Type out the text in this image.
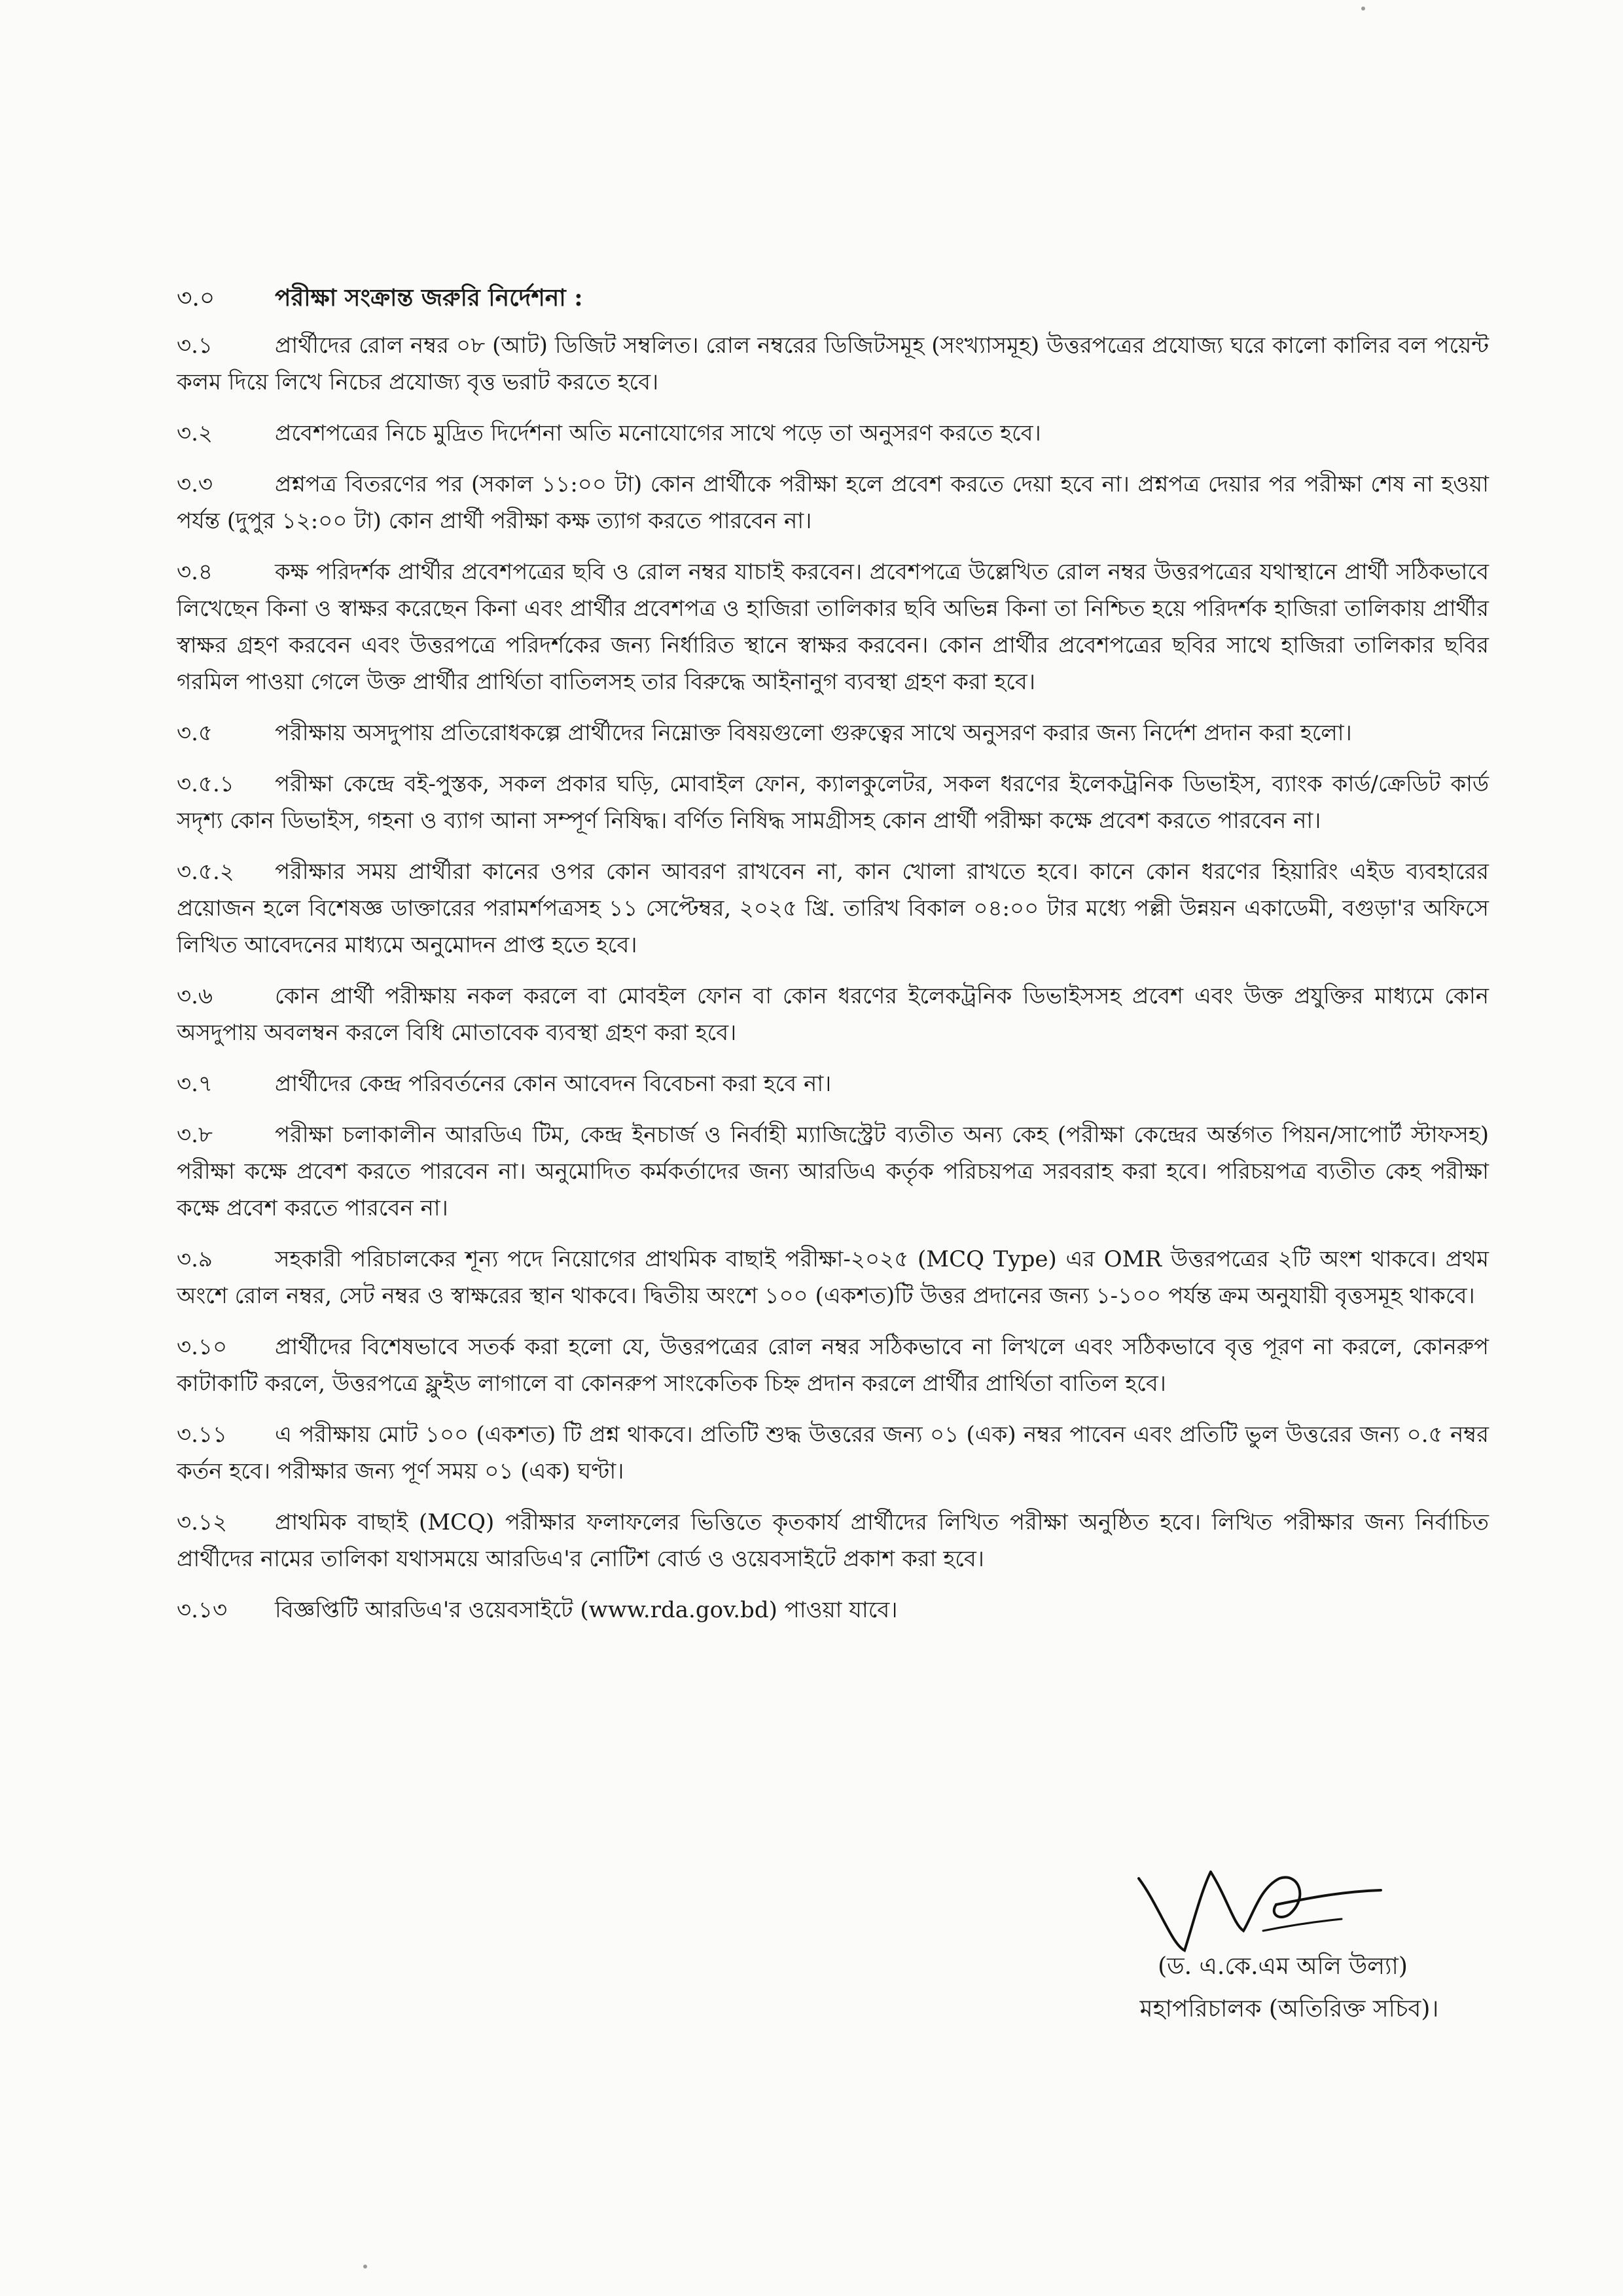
৩.০	পরীক্ষা সংক্রান্ত জরুরি নির্দেশনা :

৩.১	প্রার্থীদের রোল নম্বর ০৮ (আট) ডিজিট সম্বলিত। রোল নম্বরের ডিজিটসমূহ (সংখ্যাসমূহ) উত্তরপত্রের প্রযোজ্য ঘরে কালো কালির বল পয়েন্ট কলম দিয়ে লিখে নিচের প্রযোজ্য বৃত্ত ভরাট করতে হবে।

৩.২	প্রবেশপত্রের নিচে মুদ্রিত দির্দেশনা অতি মনোযোগের সাথে পড়ে তা অনুসরণ করতে হবে।

৩.৩	প্রশ্নপত্র বিতরণের পর (সকাল ১১:০০ টা) কোন প্রার্থীকে পরীক্ষা হলে প্রবেশ করতে দেয়া হবে না। প্রশ্নপত্র দেয়ার পর পরীক্ষা শেষ না হওয়া পর্যন্ত (দুপুর ১২:০০ টা) কোন প্রার্থী পরীক্ষা কক্ষ ত্যাগ করতে পারবেন না।

৩.৪	কক্ষ পরিদর্শক প্রার্থীর প্রবেশপত্রের ছবি ও রোল নম্বর যাচাই করবেন। প্রবেশপত্রে উল্লেখিত রোল নম্বর উত্তরপত্রের যথাস্থানে প্রার্থী সঠিকভাবে লিখেছেন কিনা ও স্বাক্ষর করেছেন কিনা এবং প্রার্থীর প্রবেশপত্র ও হাজিরা তালিকার ছবি অভিন্ন কিনা তা নিশ্চিত হয়ে পরিদর্শক হাজিরা তালিকায় প্রার্থীর স্বাক্ষর গ্রহণ করবেন এবং উত্তরপত্রে পরিদর্শকের জন্য নির্ধারিত স্থানে স্বাক্ষর করবেন। কোন প্রার্থীর প্রবেশপত্রের ছবির সাথে হাজিরা তালিকার ছবির গরমিল পাওয়া গেলে উক্ত প্রার্থীর প্রার্থিতা বাতিলসহ তার বিরুদ্ধে আইনানুগ ব্যবস্থা গ্রহণ করা হবে।

৩.৫	পরীক্ষায় অসদুপায় প্রতিরোধকল্পে প্রার্থীদের নিম্নোক্ত বিষয়গুলো গুরুত্বের সাথে অনুসরণ করার জন্য নির্দেশ প্রদান করা হলো।

৩.৫.১ পরীক্ষা কেন্দ্রে বই-পুস্তক, সকল প্রকার ঘড়ি, মোবাইল ফোন, ক্যালকুলেটর, সকল ধরণের ইলেকট্রনিক ডিভাইস, ব্যাংক কার্ড/ক্রেডিট কার্ড সদৃশ্য কোন ডিভাইস, গহনা ও ব্যাগ আনা সম্পূর্ণ নিষিদ্ধ। বর্ণিত নিষিদ্ধ সামগ্রীসহ কোন প্রার্থী পরীক্ষা কক্ষে প্রবেশ করতে পারবেন না।

৩.৫.২ পরীক্ষার সময় প্রার্থীরা কানের ওপর কোন আবরণ রাখবেন না, কান খোলা রাখতে হবে। কানে কোন ধরণের হিয়ারিং এইড ব্যবহারের প্রয়োজন হলে বিশেষজ্ঞ ডাক্তারের পরামর্শপত্রসহ ১১ সেপ্টেম্বর, ২০২৫ খ্রি. তারিখ বিকাল ০৪:০০ টার মধ্যে পল্লী উন্নয়ন একাডেমী, বগুড়া'র অফিসে লিখিত আবেদনের মাধ্যমে অনুমোদন প্রাপ্ত হতে হবে।

৩.৬	কোন প্রার্থী পরীক্ষায় নকল করলে বা মোবইল ফোন বা কোন ধরণের ইলেকট্রনিক ডিভাইসসহ প্রবেশ এবং উক্ত প্রযুক্তির মাধ্যমে কোন অসদুপায় অবলম্বন করলে বিধি মোতাবেক ব্যবস্থা গ্রহণ করা হবে।

৩.৭	প্রার্থীদের কেন্দ্র পরিবর্তনের কোন আবেদন বিবেচনা করা হবে না।

৩.৮	পরীক্ষা চলাকালীন আরডিএ টিম, কেন্দ্র ইনচার্জ ও নির্বাহী ম্যাজিস্ট্রেট ব্যতীত অন্য কেহ (পরীক্ষা কেন্দ্রের অর্ন্তগত পিয়ন/সাপোর্ট স্টাফসহ) পরীক্ষা কক্ষে প্রবেশ করতে পারবেন না। অনুমোদিত কর্মকর্তাদের জন্য আরডিএ কর্তৃক পরিচয়পত্র সরবরাহ করা হবে। পরিচয়পত্র ব্যতীত কেহ পরীক্ষা কক্ষে প্রবেশ করতে পারবেন না।

৩.৯	সহকারী পরিচালকের শূন্য পদে নিয়োগের প্রাথমিক বাছাই পরীক্ষা-২০২৫ (MCQ Type) এর OMR উত্তরপত্রের ২টি অংশ থাকবে। প্রথম অংশে রোল নম্বর, সেট নম্বর ও স্বাক্ষরের স্থান থাকবে। দ্বিতীয় অংশে ১০০ (একশত)টি উত্তর প্রদানের জন্য ১-১০০ পর্যন্ত ক্রম অনুযায়ী বৃত্তসমূহ থাকবে।

৩.১০ প্রার্থীদের বিশেষভাবে সতর্ক করা হলো যে, উত্তরপত্রের রোল নম্বর সঠিকভাবে না লিখলে এবং সঠিকভাবে বৃত্ত পূরণ না করলে, কোনরুপ কাটাকাটি করলে, উত্তরপত্রে ফ্লুইড লাগালে বা কোনরুপ সাংকেতিক চিহ্ন প্রদান করলে প্রার্থীর প্রার্থিতা বাতিল হবে।

৩.১১ এ পরীক্ষায় মোট ১০০ (একশত) টি প্রশ্ন থাকবে। প্রতিটি শুদ্ধ উত্তরের জন্য ০১ (এক) নম্বর পাবেন এবং প্রতিটি ভুল উত্তরের জন্য ০.৫ নম্বর কর্তন হবে। পরীক্ষার জন্য পূর্ণ সময় ০১ (এক) ঘণ্টা।

৩.১২ প্রাথমিক বাছাই (MCQ) পরীক্ষার ফলাফলের ভিত্তিতে কৃতকার্য প্রার্থীদের লিখিত পরীক্ষা অনুষ্ঠিত হবে। লিখিত পরীক্ষার জন্য নির্বাচিত প্রার্থীদের নামের তালিকা যথাসময়ে আরডিএ'র নোটিশ বোর্ড ও ওয়েবসাইটে প্রকাশ করা হবে।

৩.১৩ বিজ্ঞপ্তিটি আরডিএ'র ওয়েবসাইটে (www.rda.gov.bd) পাওয়া যাবে।

(ড. এ.কে.এম অলি উল্যা)
মহাপরিচালক (অতিরিক্ত সচিব)।
